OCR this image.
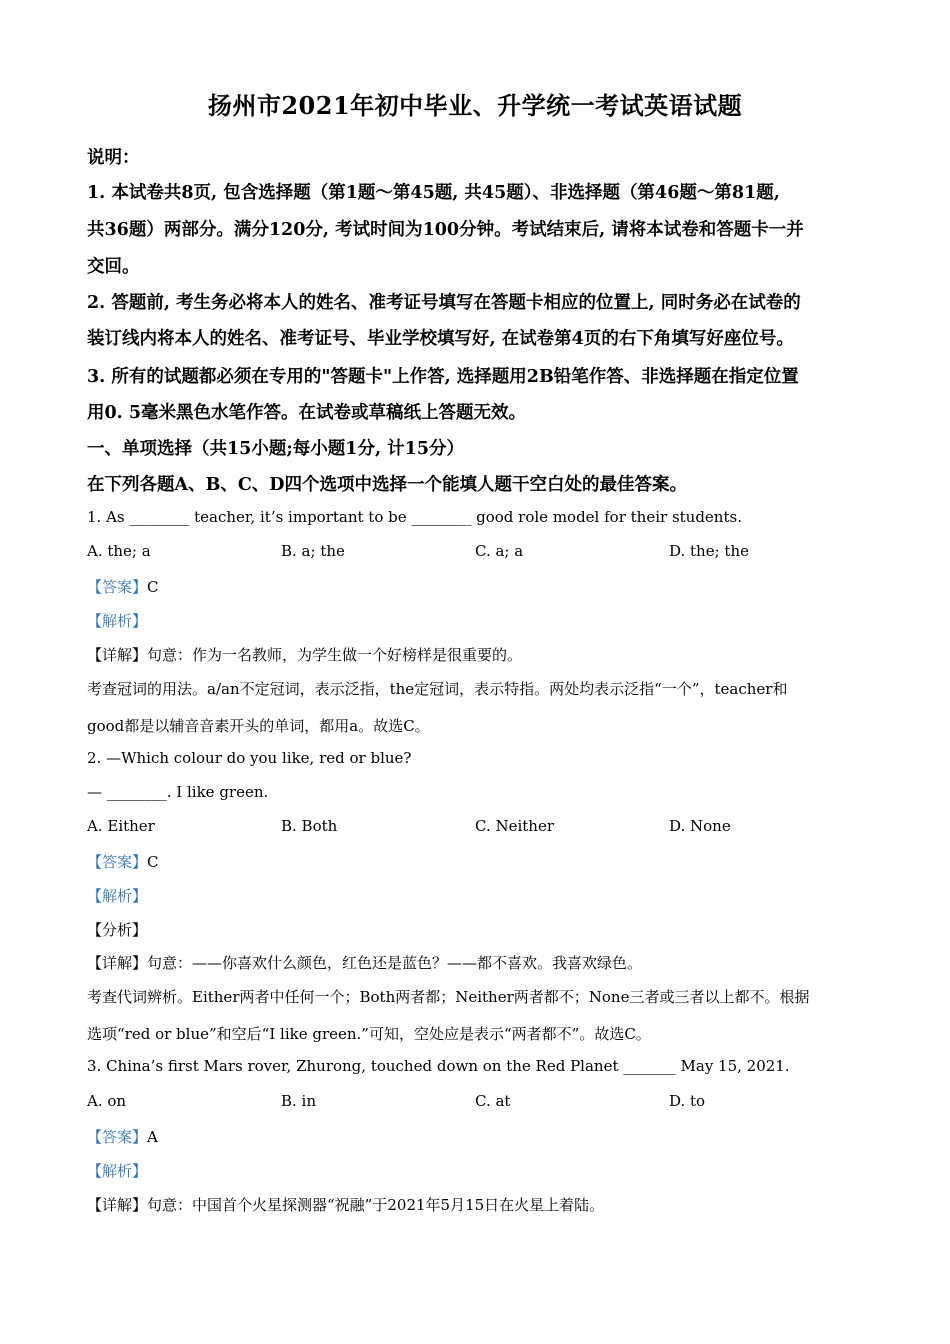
扬州市2021年初中毕业、升学统一考试英语试题
说明：
1. 本试卷共8页, 包含选择题（第1题～第45题, 共45题）、非选择题（第46题～第81题,
共36题）两部分。满分120分, 考试时间为100分钟。考试结束后, 请将本试卷和答题卡一并
交回。
2. 答题前, 考生务必将本人的姓名、准考证号填写在答题卡相应的位置上, 同时务必在试卷的
装订线内将本人的姓名、准考证号、毕业学校填写好, 在试卷第4页的右下角填写好座位号。
3. 所有的试题都必须在专用的"答题卡"上作答, 选择题用2B铅笔作答、非选择题在指定位置
用0. 5毫米黑色水笔作答。在试卷或草稿纸上答题无效。
一、单项选择（共15小题;每小题1分, 计15分）
在下列各题A、B、C、D四个选项中选择一个能填人题干空白处的最佳答案。
1. As ________ teacher, it’s important to be ________ good role model for their students.
A. the; a	B. a; the	C. a; a	D. the; the
【答案】C
【解析】
【详解】句意：作为一名教师，为学生做一个好榜样是很重要的。
考查冠词的用法。a/an不定冠词，表示泛指，the定冠词，表示特指。两处均表示泛指“一个”，teacher和
good都是以辅音音素开头的单词，都用a。故选C。
2. —Which colour do you like, red or blue?
— ________. I like green.
A. Either	B. Both	C. Neither	D. None
【答案】C
【解析】
【分析】
【详解】句意：——你喜欢什么颜色，红色还是蓝色？——都不喜欢。我喜欢绿色。
考查代词辨析。Either两者中任何一个；Both两者都；Neither两者都不；None三者或三者以上都不。根据
选项“red or blue”和空后“I like green.”可知，空处应是表示“两者都不”。故选C。
3. China’s first Mars rover, Zhurong, touched down on the Red Planet _______ May 15, 2021.
A. on	B. in	C. at	D. to
【答案】A
【解析】
【详解】句意：中国首个火星探测器“祝融”于2021年5月15日在火星上着陆。
